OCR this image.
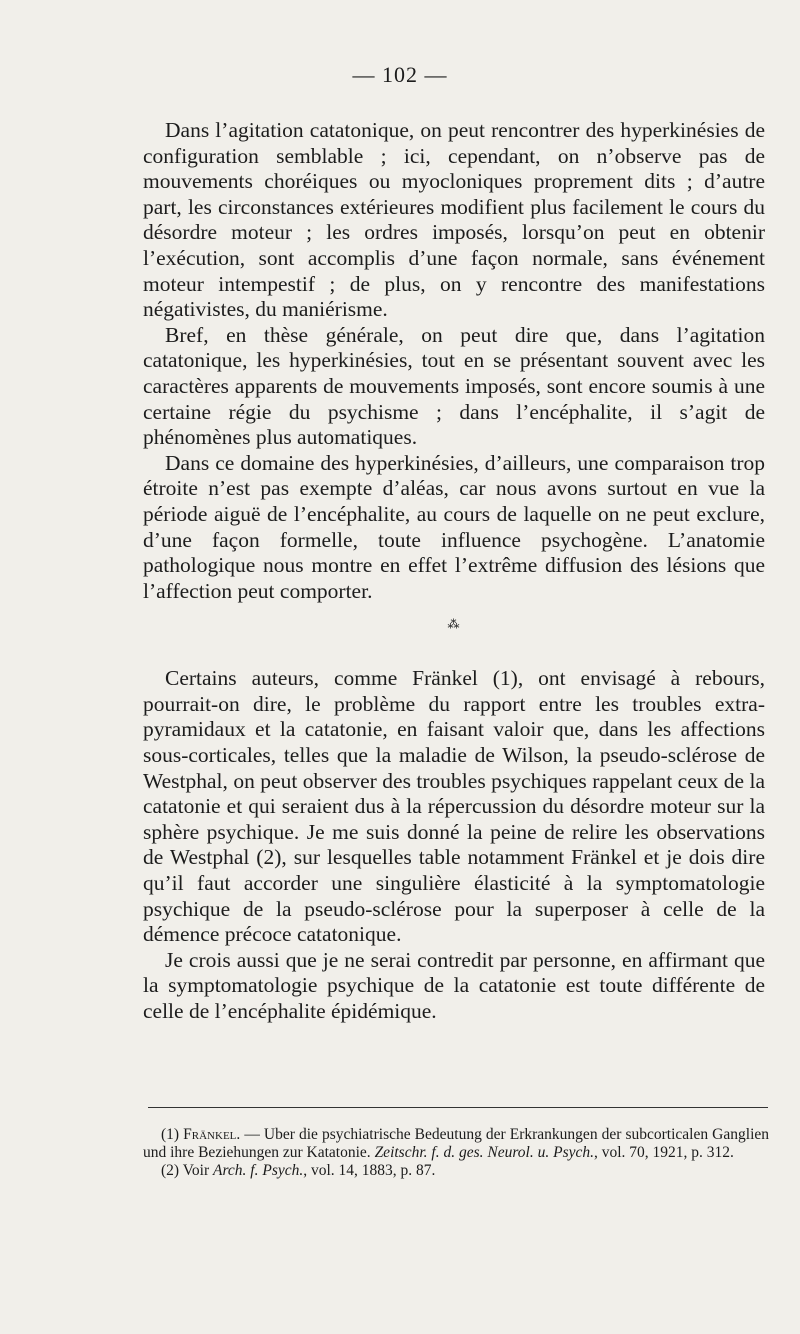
— 102 —

Dans l’agitation catatonique, on peut rencontrer des hyperkinésies de configuration semblable ; ici, cependant, on n’observe pas de mouvements choréiques ou myocloniques proprement dits ; d’autre part, les circonstances extérieures modifient plus facilement le cours du désordre moteur ; les ordres imposés, lorsqu’on peut en obtenir l’exécution, sont accomplis d’une façon normale, sans événement moteur intempestif ; de plus, on y rencontre des manifestations négativistes, du maniérisme.

Bref, en thèse générale, on peut dire que, dans l’agitation catatonique, les hyperkinésies, tout en se présentant souvent avec les caractères apparents de mouvements imposés, sont encore soumis à une certaine régie du psychisme ; dans l’encéphalite, il s’agit de phénomènes plus automatiques.

Dans ce domaine des hyperkinésies, d’ailleurs, une comparaison trop étroite n’est pas exempte d’aléas, car nous avons surtout en vue la période aiguë de l’encéphalite, au cours de laquelle on ne peut exclure, d’une façon formelle, toute influence psychogène. L’anatomie pathologique nous montre en effet l’extrême diffusion des lésions que l’affection peut comporter.

⁂

Certains auteurs, comme Fränkel (1), ont envisagé à rebours, pourrait-on dire, le problème du rapport entre les troubles extra-pyramidaux et la catatonie, en faisant valoir que, dans les affections sous-corticales, telles que la maladie de Wilson, la pseudo-sclérose de Westphal, on peut observer des troubles psychiques rappelant ceux de la catatonie et qui seraient dus à la répercussion du désordre moteur sur la sphère psychique. Je me suis donné la peine de relire les observations de Westphal (2), sur lesquelles table notamment Fränkel et je dois dire qu’il faut accorder une singulière élasticité à la symptomatologie psychique de la pseudo-sclérose pour la superposer à celle de la démence précoce catatonique.

Je crois aussi que je ne serai contredit par personne, en affirmant que la symptomatologie psychique de la catatonie est toute différente de celle de l’encéphalite épidémique.

(1) Fränkel. — Uber die psychiatrische Bedeutung der Erkrankungen der subcorticalen Ganglien und ihre Beziehungen zur Katatonie. Zeitschr. f. d. ges. Neurol. u. Psych., vol. 70, 1921, p. 312.

(2) Voir Arch. f. Psych., vol. 14, 1883, p. 87.
